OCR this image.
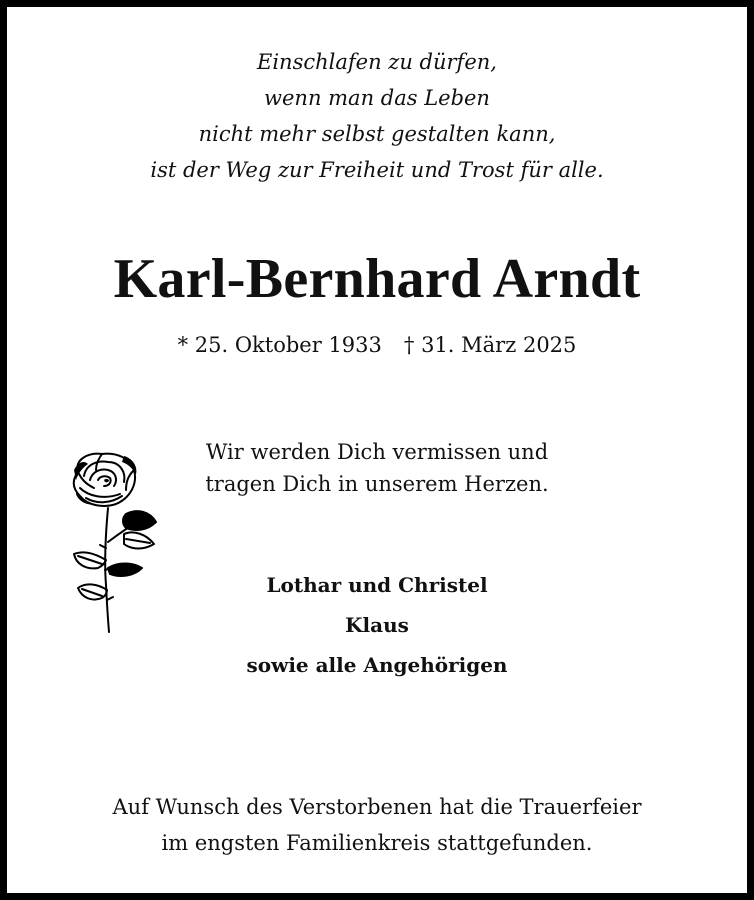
Einschlafen zu dürfen,
wenn man das Leben
nicht mehr selbst gestalten kann,
ist der Weg zur Freiheit und Trost für alle.
Karl-Bernhard Arndt
* 25. Oktober 1933 † 31. März 2025
Wir werden Dich vermissen und
tragen Dich in unserem Herzen.
Lothar und Christel
Klaus
sowie alle Angehörigen
Auf Wunsch des Verstorbenen hat die Trauerfeier
im engsten Familienkreis stattgefunden.
